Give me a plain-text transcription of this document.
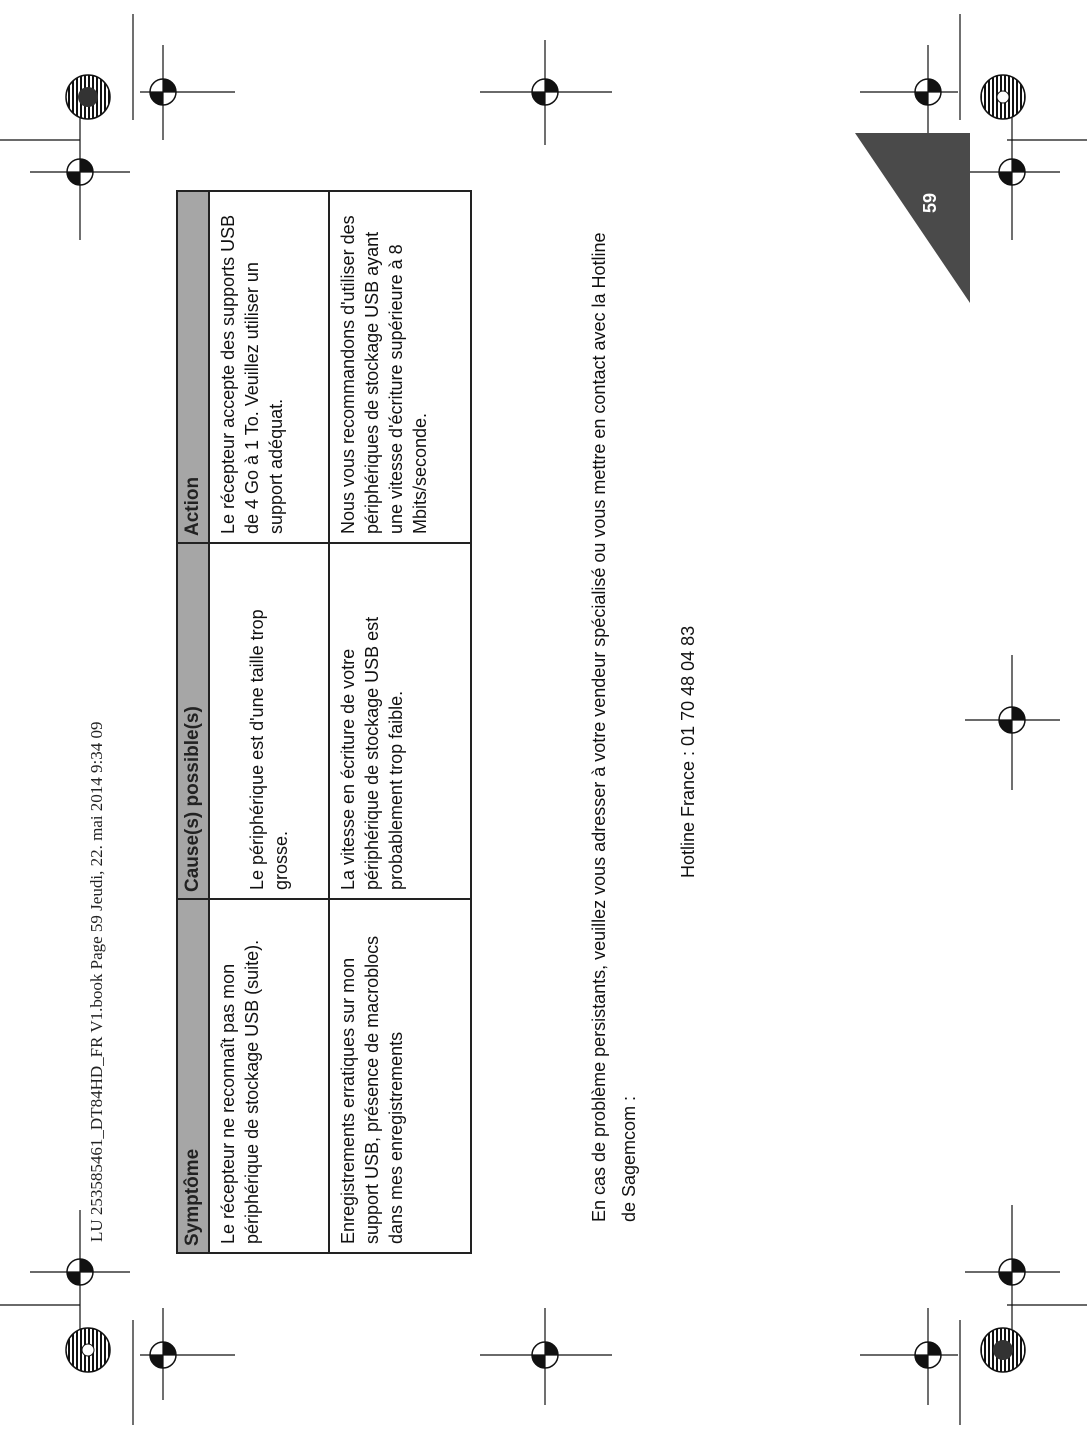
59
LU 253585461_DT84HD_FR V1.book Page 59 Jeudi, 22. mai 2014 9:34 09	Symptôme	Cause(s) possible(s)	Action
Le récepteur ne reconnaît pas mon périphérique de stockage USB (suite).	Le périphérique est d'une taille trop grosse.	Le récepteur accepte des supports USB de 4 Go à 1 To. Veuillez utiliser un support adéquat.
Enregistrements erratiques sur mon support USB, présence de macroblocs dans mes enregistrements	La vitesse en écriture de votre périphérique de stockage USB est probablement trop faible.	Nous vous recommandons d'utiliser des périphériques de stockage USB ayant une vitesse d'écriture supérieure à 8 Mbits/seconde.	En cas de problème persistants, veuillez vous adresser à votre vendeur spécialisé ou vous mettre en contact avec la Hotline de Sagemcom :
Hotline France : 01 70 48 04 83
